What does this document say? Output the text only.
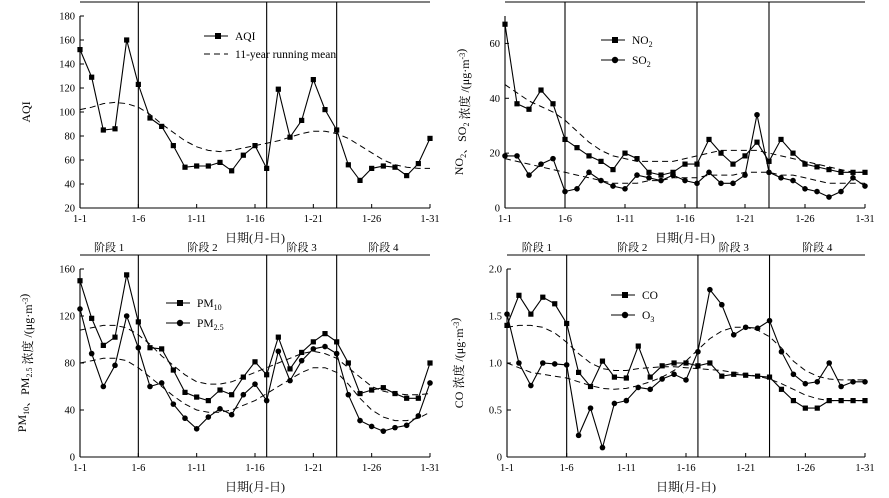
20
40
60
80
100
120
140
160
180
1-1	1-6	1-11	1-16	1-21	1-26	1-31
日期(月-日)
AQI
AQI
11-year running mean
0
20
40
60
1-1	1-6	1-11	1-16	1-21	1-26	1-31
日期(月-日)
$NO_2$、$SO_2$ 浓度 $/(\mu g\cdot m^{-3})$
$NO_2$
$SO_2$
0
40
80
120
160
1-1	1-6	1-11	1-16	1-21	1-26	1-31
日期(月-日)
阶段 1	阶段 2	阶段 3	阶段 4
$PM_{10}$、$PM_{2.5}$ 浓度 $/(\mu g\cdot m^{-3})$
$PM_{10}$
$PM_{2.5}$
0
0.5
1.0
1.5
2.0
1-1	1-6	1-11	1-16	1-21	1-26	1-31
日期(月-日)
阶段 1	阶段 2	阶段 3	阶段 4
CO 浓度 $/(\mu g\cdot m^{-3})$
CO
$O_3$
